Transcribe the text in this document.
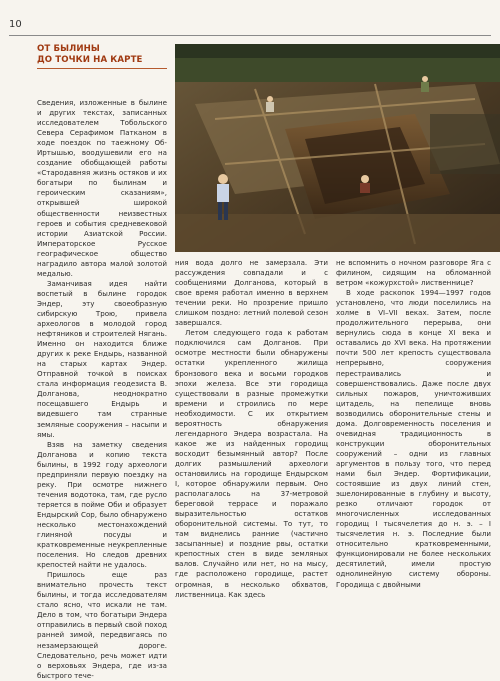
10
ОТ БЫЛИНЫ
ДО ТОЧКИ НА КАРТЕ

Сведения, изложенные в былине и других текстах, записанных исследователем Тобольского Севера Серафимом Патканом в ходе поездок по таежному Об-Иртышью, воодушевили его на создание обобщающей работы «Стародавняя жизнь остяков и их богатыри по былинам и героическим сказаниям», открывшей широкой общественности неизвестных героев и события средневековой истории Азиатской России. Императорское Русское географическое общество наградило автора малой золотой медалью.

Заманчивая идея найти воспетый в былине городок Эндер, эту своеобразную сибирскую Трою, привела археологов в молодой город нефтяников и строителей Нягань. Именно он находится ближе других к реке Ендырь, названной на старых картах Эндер. Отправной точкой в поисках стала информация геодезиста В. Долганова, неоднократно посещавшего Ендырь и видевшего там странные земляные сооружения – насыпи и ямы.

Взяв на заметку сведения Долганова и копию текста былины, в 1992 году археологи предприняли первую поездку на реку. При осмотре нижнего течения водотока, там, где русло теряется в пойме Оби и образует Ендырский Сор, было обнаружено несколько местонахождений глиняной посуды и кратковременные неукрепленные поселения. Но следов древних крепостей найти не удалось.

Пришлось еще раз внимательно прочесть текст былины, и тогда исследователям стало ясно, что искали не там. Дело в том, что богатыри Эндера отправились в первый свой поход ранней зимой, передвигаясь по незамерзающей дороге. Следовательно, речь может идти о верховьях Эндера, где из-за быстрого тече-

ния вода долго не замерзала. Эти рассуждения совпадали и с сообщениями Долганова, который в свое время работал именно в верхнем течении реки. Но прозрение пришло слишком поздно: летний полевой сезон завершался.

Летом следующего года к работам подключился сам Долганов. При осмотре местности были обнаружены остатки укрепленного жилища бронзового века и восьми городков эпохи железа. Все эти городища существовали в разные промежутки времени и строились по мере необходимости. С их открытием вероятность обнаружения легендарного Эндера возрастала. На какое же из найденных городищ восходит безымянный автор? После долгих размышлений археологи остановились на городище Ендырском I, которое обнаружили первым. Оно располагалось на 37-метровой береговой террасе и поражало выразительностью остатков оборонительной системы. То тут, то там виднелись ранние (частично засыпанные) и поздние рвы, остатки крепостных стен в виде земляных валов. Случайно или нет, но на мысу, где расположено городище, растет огромная, в несколько обхватов, лиственница. Как здесь

не вспомнить о ночном разговоре Яга с филином, сидящим на обломанной ветром «кожурхстой» лиственнице?

В ходе раскопок 1994—1997 годов установлено, что люди поселились на холме в VI–VII веках. Затем, после продолжительного перерыва, они вернулись сюда в конце XI века и оставались до XVI века. На протяжении почти 500 лет крепость существовала непрерывно, сооружения перестраивались и совершенствовались. Даже после двух сильных пожаров, уничтоживших цитадель, на пепелище вновь возводились оборонительные стены и дома. Долговременность поселения и очевидная традиционность в конструкции оборонительных сооружений – одни из главных аргументов в пользу того, что перед нами был Эндер. Фортификации, состоявшие из двух линий стен, эшелонированные в глубину и высоту, резко отличают городок от многочисленных исследованных городищ I тысячелетия до н. э. – I тысячелетия н. э. Последние были относительно кратковременными, функционировали не более нескольких десятилетий, имели простую однолинейную систему обороны. Городища с двойными
